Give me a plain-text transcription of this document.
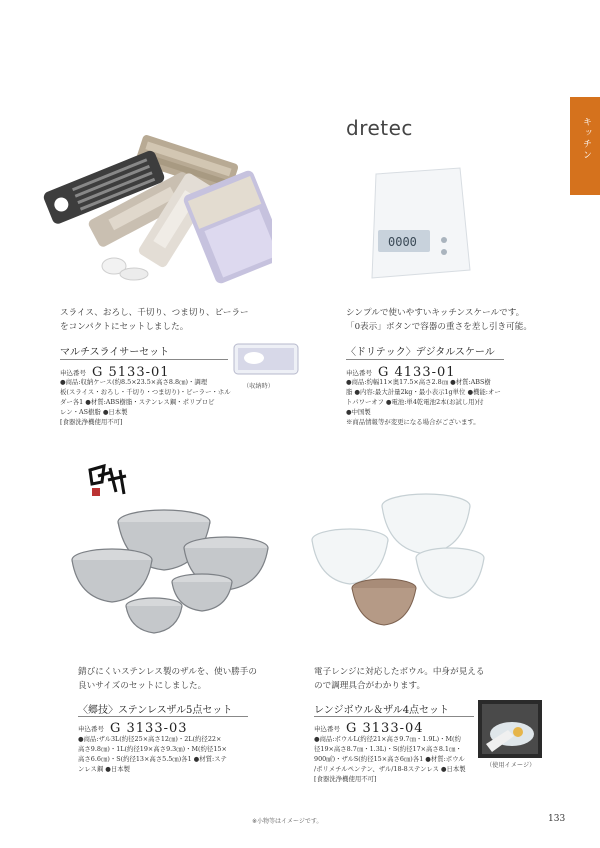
キッチン
dretec
0000
スライス、おろし、千切り、つま切り、ピーラー
をコンパクトにセットしました。
マルチスライサーセット
申込番号 G 5133-01
（収納時）
●商品:収納ケース(約8.5×23.5×高さ8.8㎝)・調理
板(スライス・おろし・千切り・つま切り)・ピーラー・ホル
ダー各1 ●材質:ABS樹脂・ステンレス鋼・ポリプロピ
レン・AS樹脂 ●日本製
[食器洗浄機使用不可]
シンプルで使いやすいキッチンスケールです。
「0表示」ボタンで容器の重さを差し引き可能。
〈ドリテック〉デジタルスケール
申込番号 G 4133-01
●商品:約幅11×奥17.5×高さ2.8㎝ ●材質:ABS樹
脂 ●内容:最大計量2kg・最小表示1g単位 ●機能:オー
トパワーオフ ●電池:単4乾電池2本(お試し用)付
●中国製
※商品情報等が変更になる場合がございます。
錆びにくいステンレス製のザルを、使い勝手の
良いサイズのセットにしました。
〈郷技〉ステンレスザル5点セット
申込番号 G 3133-03
●商品:ザル3L(約径25×高さ12㎝)・2L(約径22×
高さ9.8㎝)・1L(約径19×高さ9.3㎝)・M(約径15×
高さ6.6㎝)・S(約径13×高さ5.5㎝)各1 ●材質:ステ
ンレス鋼 ●日本製
電子レンジに対応したボウル。中身が見える
ので調理具合がわかります。
レンジボウル＆ザル4点セット
申込番号 G 3133-04
（使用イメージ）
●商品:ボウルL(約径21×高さ9.7㎝・1.9L)・M(約
径19×高さ8.7㎝・1.3L)・S(約径17×高さ8.1㎝・
900㎖)・ザルS(約径15×高さ6㎝)各1 ●材質:ボウル
/ポリメチルペンテン、ザル/18-8ステンレス ●日本製
[食器洗浄機使用不可]
※小物等はイメージです。	133
